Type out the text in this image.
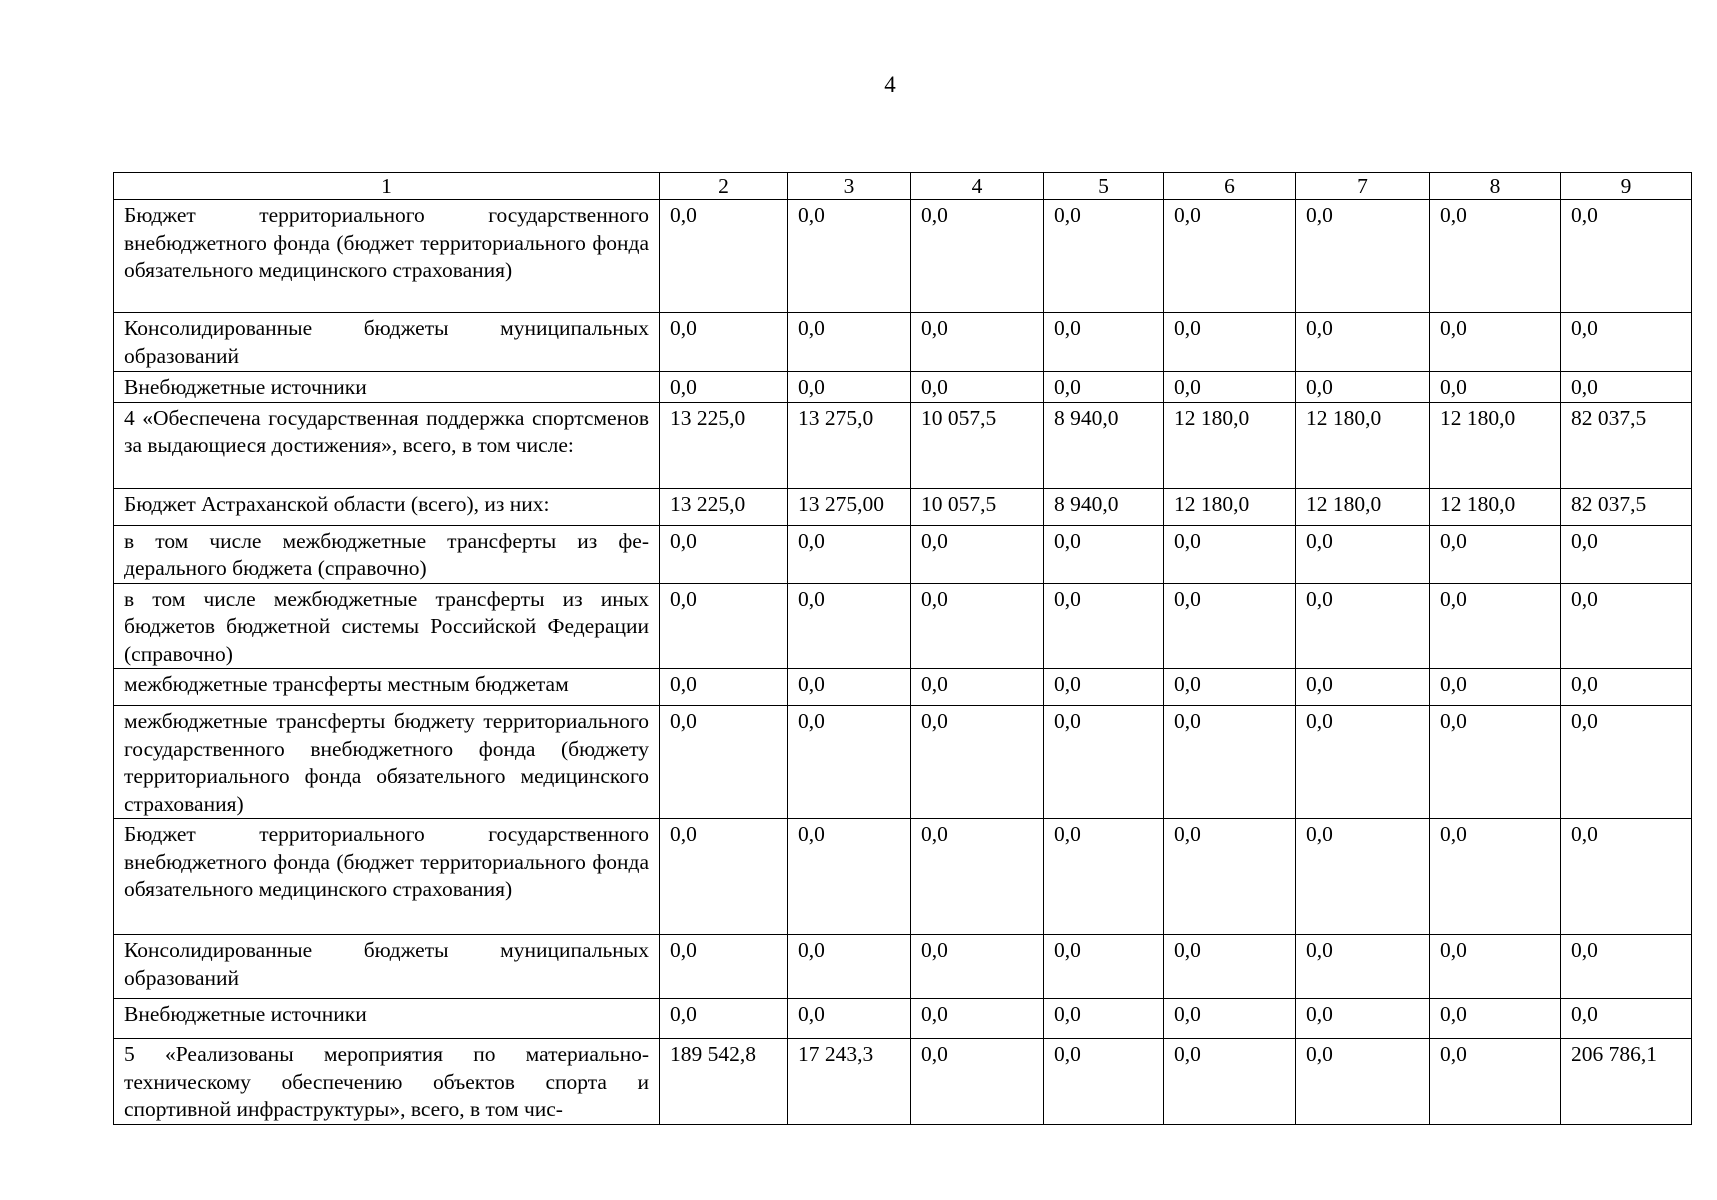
4
1	2	3	4	5	6	7	8	9
Бюджет территориального государственного внебюджетного фонда (бюджет территориального фонда обязательного медицинского страхования)	0,0	0,0	0,0	0,0	0,0	0,0	0,0	0,0
Консолидированные бюджеты муниципальных образований	0,0	0,0	0,0	0,0	0,0	0,0	0,0	0,0
Внебюджетные источники	0,0	0,0	0,0	0,0	0,0	0,0	0,0	0,0
4 «Обеспечена государственная поддержка спортсменов за выдающиеся достижения», всего, в том числе:	13 225,0	13 275,0	10 057,5	8 940,0	12 180,0	12 180,0	12 180,0	82 037,5
Бюджет Астраханской области (всего), из них:	13 225,0	13 275,00	10 057,5	8 940,0	12 180,0	12 180,0	12 180,0	82 037,5
в том числе межбюджетные трансферты из федерального бюджета (справочно)	0,0	0,0	0,0	0,0	0,0	0,0	0,0	0,0
в том числе межбюджетные трансферты из иных бюджетов бюджетной системы Российской Федерации (справочно)	0,0	0,0	0,0	0,0	0,0	0,0	0,0	0,0
межбюджетные трансферты местным бюджетам	0,0	0,0	0,0	0,0	0,0	0,0	0,0	0,0
межбюджетные трансферты бюджету территориального государственного внебюджетного фонда (бюджету территориального фонда обязательного медицинского страхования)	0,0	0,0	0,0	0,0	0,0	0,0	0,0	0,0
Бюджет территориального государственного внебюджетного фонда (бюджет территориального фонда обязательного медицинского страхования)	0,0	0,0	0,0	0,0	0,0	0,0	0,0	0,0
Консолидированные бюджеты муниципальных образований	0,0	0,0	0,0	0,0	0,0	0,0	0,0	0,0
Внебюджетные источники	0,0	0,0	0,0	0,0	0,0	0,0	0,0	0,0
5 «Реализованы мероприятия по материально-техническому обеспечению объектов спорта и спортивной инфраструктуры», всего, в том чис-	189 542,8	17 243,3	0,0	0,0	0,0	0,0	0,0	206 786,1
